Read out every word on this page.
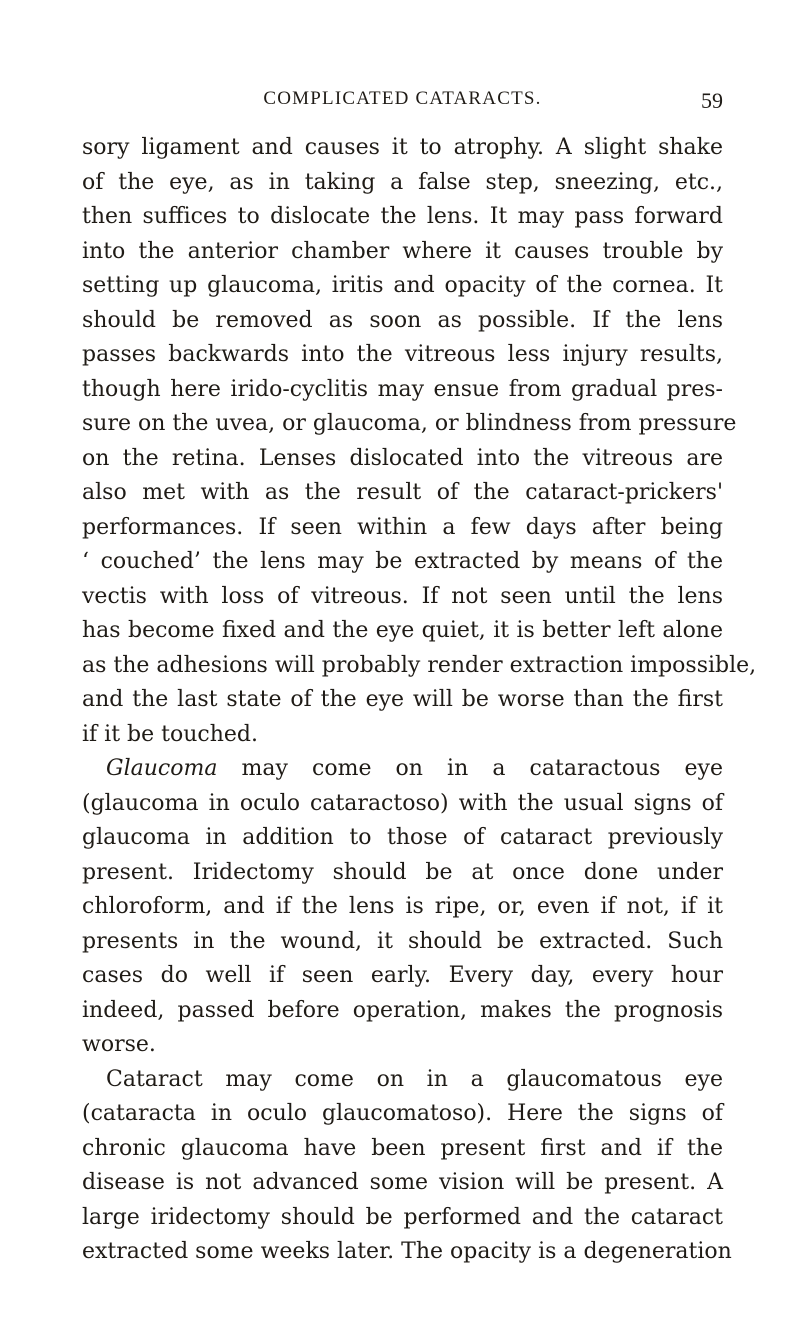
COMPLICATED CATARACTS.	59
sory ligament and causes it to atrophy. A slight shake
of the eye, as in taking a false step, sneezing, etc.,
then suffices to dislocate the lens. It may pass forward
into the anterior chamber where it causes trouble by
setting up glaucoma, iritis and opacity of the cornea. It
should be removed as soon as possible. If the lens
passes backwards into the vitreous less injury results,
though here irido-cyclitis may ensue from gradual pres-
sure on the uvea, or glaucoma, or blindness from pressure
on the retina. Lenses dislocated into the vitreous are
also met with as the result of the cataract-prickers'
performances. If seen within a few days after being
‘ couched’ the lens may be extracted by means of the
vectis with loss of vitreous. If not seen until the lens
has become fixed and the eye quiet, it is better left alone
as the adhesions will probably render extraction impossible,
and the last state of the eye will be worse than the first
if it be touched.
Glaucoma may come on in a cataractous eye
(glaucoma in oculo cataractoso) with the usual signs of
glaucoma in addition to those of cataract previously
present. Iridectomy should be at once done under
chloroform, and if the lens is ripe, or, even if not, if it
presents in the wound, it should be extracted. Such
cases do well if seen early. Every day, every hour
indeed, passed before operation, makes the prognosis
worse.
Cataract may come on in a glaucomatous eye
(cataracta in oculo glaucomatoso). Here the signs of
chronic glaucoma have been present first and if the
disease is not advanced some vision will be present. A
large iridectomy should be performed and the cataract
extracted some weeks later. The opacity is a degeneration
